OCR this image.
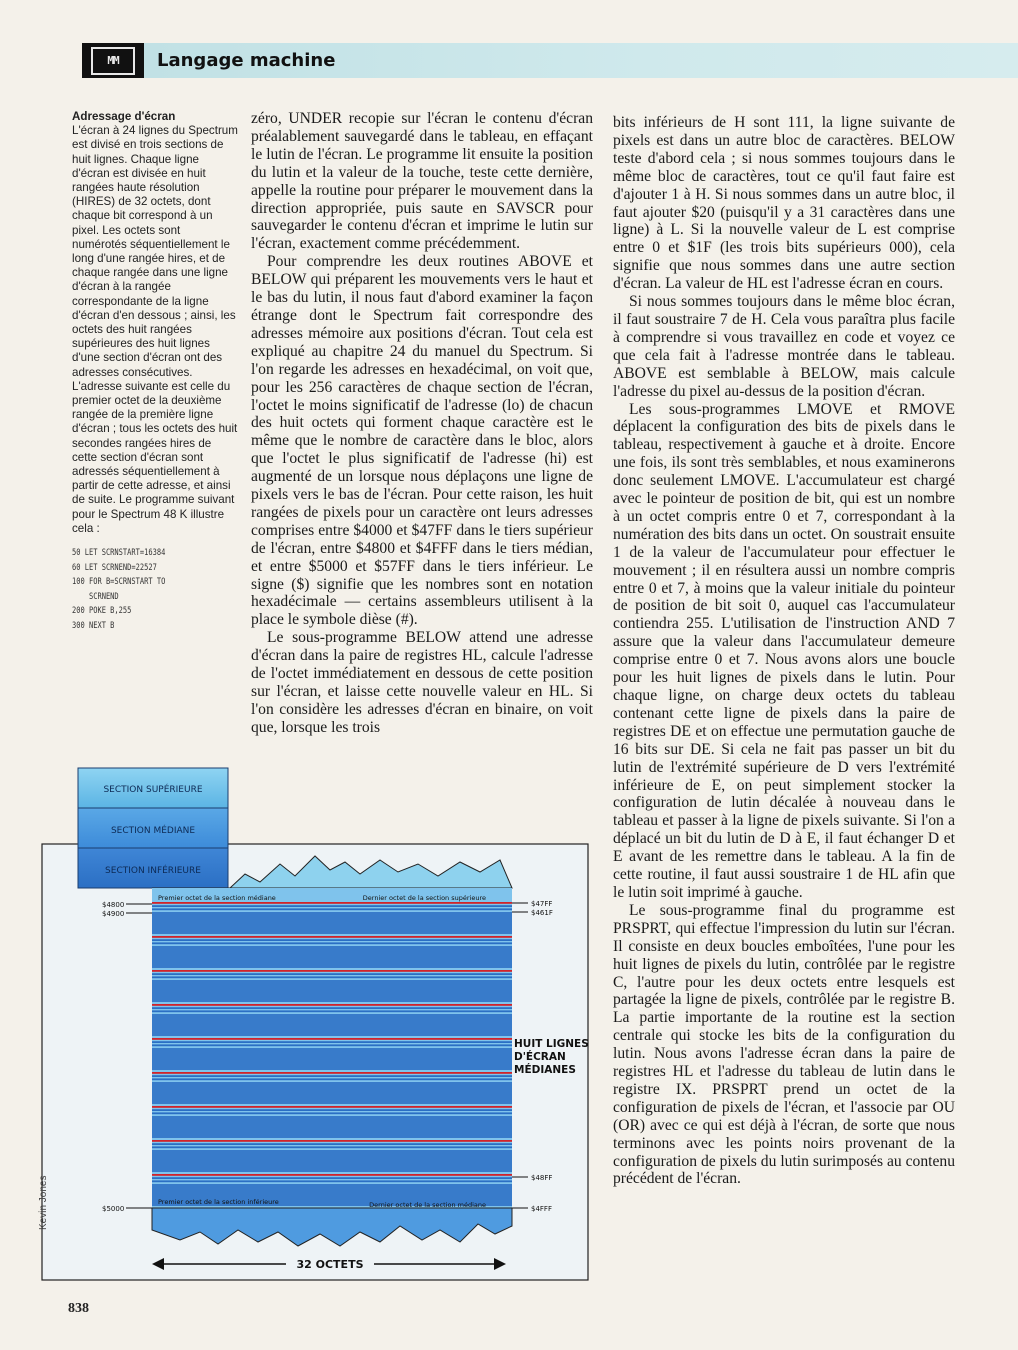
MM	Langage machine

Adressage d'écran

L'écran à 24 lignes du Spectrum est divisé en trois sections de huit lignes. Chaque ligne d'écran est divisée en huit rangées haute résolution (HIRES) de 32 octets, dont chaque bit correspond à un pixel. Les octets sont numérotés séquentiellement le long d'une rangée hires, et de chaque rangée dans une ligne d'écran à la rangée correspondante de la ligne d'écran d'en dessous ; ainsi, les octets des huit rangées supérieures des huit lignes d'une section d'écran ont des adresses consécutives. L'adresse suivante est celle du premier octet de la deuxième rangée de la première ligne d'écran ; tous les octets des huit secondes rangées hires de cette section d'écran sont adressés séquentiellement à partir de cette adresse, et ainsi de suite. Le programme suivant pour le Spectrum 48 K illustre cela :

50 LET SCRNSTART=16384
60 LET SCRNEND=22527
100 FOR B=SCRNSTART TO
SCRNEND
200 POKE B,255
300 NEXT B

zéro, UNDER recopie sur l'écran le contenu d'écran préalablement sauvegardé dans le tableau, en effaçant le lutin de l'écran. Le programme lit ensuite la position du lutin et la valeur de la touche, teste cette dernière, appelle la routine pour préparer le mouvement dans la direction appropriée, puis saute en SAVSCR pour sauvegarder le contenu d'écran et imprime le lutin sur l'écran, exactement comme précédemment.

Pour comprendre les deux routines ABOVE et BELOW qui préparent les mouvements vers le haut et le bas du lutin, il nous faut d'abord examiner la façon étrange dont le Spectrum fait correspondre des adresses mémoire aux positions d'écran. Tout cela est expliqué au chapitre 24 du manuel du Spectrum. Si l'on regarde les adresses en hexadécimal, on voit que, pour les 256 caractères de chaque section de l'écran, l'octet le moins significatif de l'adresse (lo) de chacun des huit octets qui forment chaque caractère est le même que le nombre de caractère dans le bloc, alors que l'octet le plus significatif de l'adresse (hi) est augmenté de un lorsque nous déplaçons une ligne de pixels vers le bas de l'écran. Pour cette raison, les huit rangées de pixels pour un caractère ont leurs adresses comprises entre $4000 et $47FF dans le tiers supérieur de l'écran, entre $4800 et $4FFF dans le tiers médian, et entre $5000 et $57FF dans le tiers inférieur. Le signe ($) signifie que les nombres sont en notation hexadécimale — certains assembleurs utilisent à la place le symbole dièse (#).

Le sous-programme BELOW attend une adresse d'écran dans la paire de registres HL, calcule l'adresse de l'octet immédiatement en dessous de cette position sur l'écran, et laisse cette nouvelle valeur en HL. Si l'on considère les adresses d'écran en binaire, on voit que, lorsque les trois

bits inférieurs de H sont 111, la ligne suivante de pixels est dans un autre bloc de caractères. BELOW teste d'abord cela ; si nous sommes toujours dans le même bloc de caractères, tout ce qu'il faut faire est d'ajouter 1 à H. Si nous sommes dans un autre bloc, il faut ajouter $20 (puisqu'il y a 31 caractères dans une ligne) à L. Si la nouvelle valeur de L est comprise entre 0 et $1F (les trois bits supérieurs 000), cela signifie que nous sommes dans une autre section d'écran. La valeur de HL est l'adresse écran en cours.

Si nous sommes toujours dans le même bloc écran, il faut soustraire 7 de H. Cela vous paraîtra plus facile à comprendre si vous travaillez en code et voyez ce que cela fait à l'adresse montrée dans le tableau. ABOVE est semblable à BELOW, mais calcule l'adresse du pixel au-dessus de la position d'écran.

Les sous-programmes LMOVE et RMOVE déplacent la configuration des bits de pixels dans le tableau, respectivement à gauche et à droite. Encore une fois, ils sont très semblables, et nous examinerons donc seulement LMOVE. L'accumulateur est chargé avec le pointeur de position de bit, qui est un nombre à un octet compris entre 0 et 7, correspondant à la numération des bits dans un octet. On soustrait ensuite 1 de la valeur de l'accumulateur pour effectuer le mouvement ; il en résultera aussi un nombre compris entre 0 et 7, à moins que la valeur initiale du pointeur de position de bit soit 0, auquel cas l'accumulateur contiendra 255. L'utilisation de l'instruction AND 7 assure que la valeur dans l'accumulateur demeure comprise entre 0 et 7. Nous avons alors une boucle pour les huit lignes de pixels dans le lutin. Pour chaque ligne, on charge deux octets du tableau contenant cette ligne de pixels dans la paire de registres DE et on effectue une permutation gauche de 16 bits sur DE. Si cela ne fait pas passer un bit du lutin de l'extrémité supérieure de D vers l'extrémité inférieure de E, on peut simplement stocker la configuration de lutin décalée à nouveau dans le tableau et passer à la ligne de pixels suivante. Si l'on a déplacé un bit du lutin de D à E, il faut échanger D et E avant de les remettre dans le tableau. A la fin de cette routine, il faut aussi soustraire 1 de HL afin que le lutin soit imprimé à gauche.

Le sous-programme final du programme est PRSPRT, qui effectue l'impression du lutin sur l'écran. Il consiste en deux boucles emboîtées, l'une pour les huit lignes de pixels du lutin, contrôlée par le registre C, l'autre pour les deux octets entre lesquels est partagée la ligne de pixels, contrôlée par le registre B. La partie importante de la routine est la section centrale qui stocke les bits de la configuration du lutin. Nous avons l'adresse écran dans la paire de registres HL et l'adresse du tableau de lutin dans le registre IX. PRSPRT prend un octet de la configuration de pixels de l'écran, et l'associe par OU (OR) avec ce qui est déjà à l'écran, de sorte que nous terminons avec les points noirs provenant de la configuration de pixels du lutin surimposés au contenu précédent de l'écran.

SECTION SUPÉRIEURE
SECTION MÉDIANE
SECTION INFÉRIEURE
Premier octet de la section médiane	Dernier octet de la section supérieure
Premier octet de la section inférieure	Dernier octet de la section médiane
$4800
$4900
$5000
$47FF
$461F
$48FF
$4FFF
HUIT LIGNES
D'ÉCRAN
MÉDIANES
32 OCTETS
Kevin Jones
838
